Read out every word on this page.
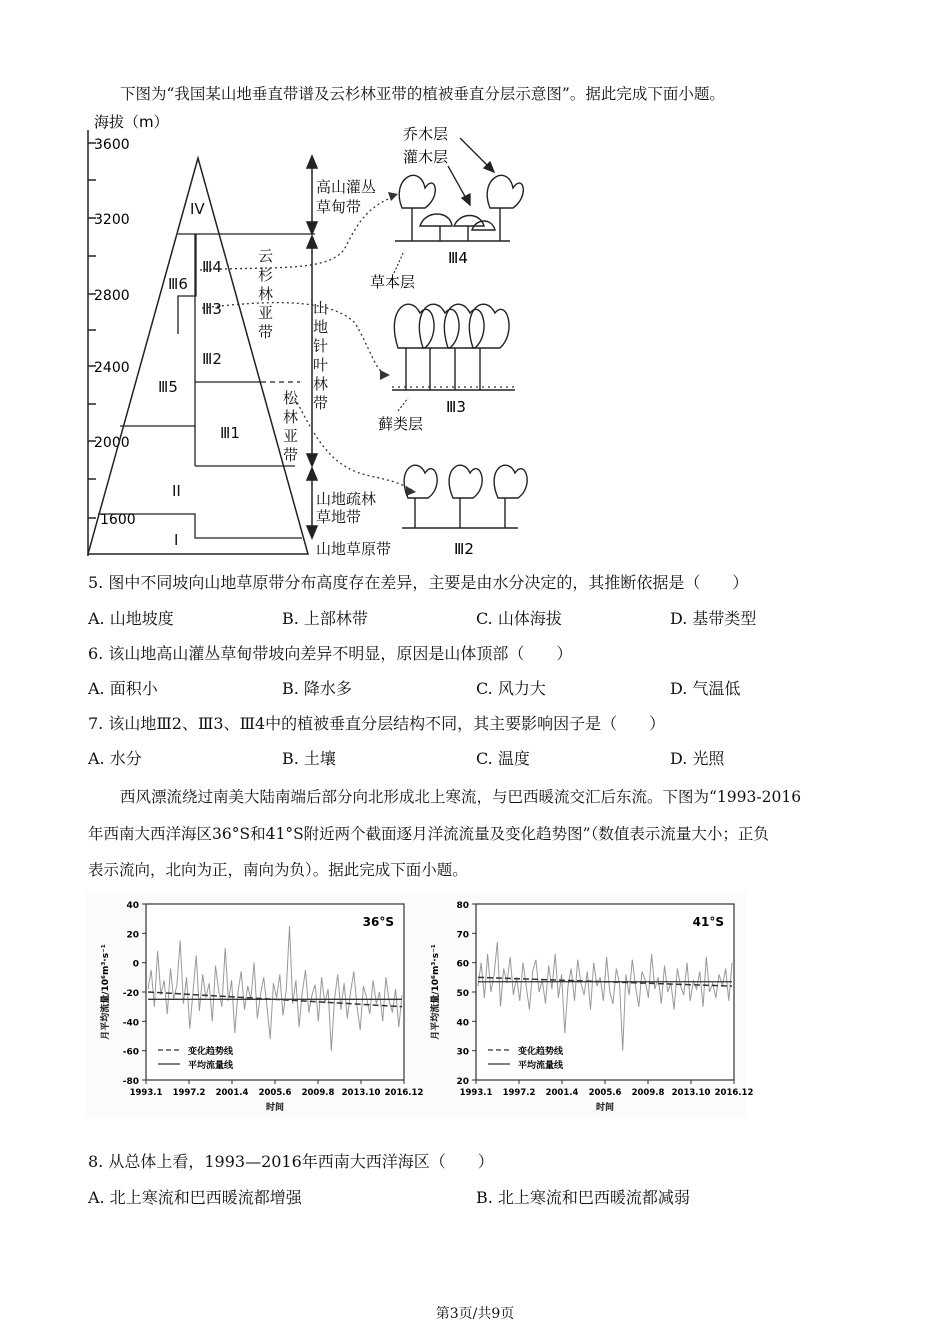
下图为“我国某山地垂直带谱及云杉林亚带的植被垂直分层示意图”。据此完成下面小题。
海拔（m）
3600
3200
2800
2400
2000
1600
IV
Ⅲ6
Ⅲ4
Ⅲ3
Ⅲ2
Ⅲ5
Ⅲ1
II
I
高山灌丛
草甸带
山地针叶林带
山地疏林
草地带
山地草原带
云杉林亚带
松林亚带
乔木层
灌木层
草本层
Ⅲ4
藓类层
Ⅲ3
Ⅲ2
5. 图中不同坡向山地草原带分布高度存在差异，主要是由水分决定的，其推断依据是（　　）
A. 山地坡度	B. 上部林带	C. 山体海拔	D. 基带类型
6. 该山地高山灌丛草甸带坡向差异不明显，原因是山体顶部（　　）
A. 面积小	B. 降水多	C. 风力大	D. 气温低
7. 该山地Ⅲ2、Ⅲ3、Ⅲ4中的植被垂直分层结构不同，其主要影响因子是（　　）
A. 水分	B. 土壤	C. 温度	D. 光照
西风漂流绕过南美大陆南端后部分向北形成北上寒流，与巴西暖流交汇后东流。下图为“1993-2016
年西南大西洋海区36°S和41°S附近两个截面逐月洋流流量及变化趋势图”（数值表示流量大小；正负
表示流向，北向为正，南向为负）。据此完成下面小题。
40
20
0
-20
-40
-60
-80
1993.1 1997.2 2001.4 2005.6 2009.8 2013.10 2016.12
时间
月平均流量/10⁶m³·s⁻¹
36°S
变化趋势线
平均流量线
80
70
60
50
40
30
20
1993.1 1997.2 2001.4 2005.6 2009.8 2013.10 2016.12
时间
月平均流量/10⁶m³·s⁻¹
41°S
变化趋势线
平均流量线
8. 从总体上看，1993—2016年西南大西洋海区（　　）
A. 北上寒流和巴西暖流都增强	B. 北上寒流和巴西暖流都减弱
第3页/共9页
